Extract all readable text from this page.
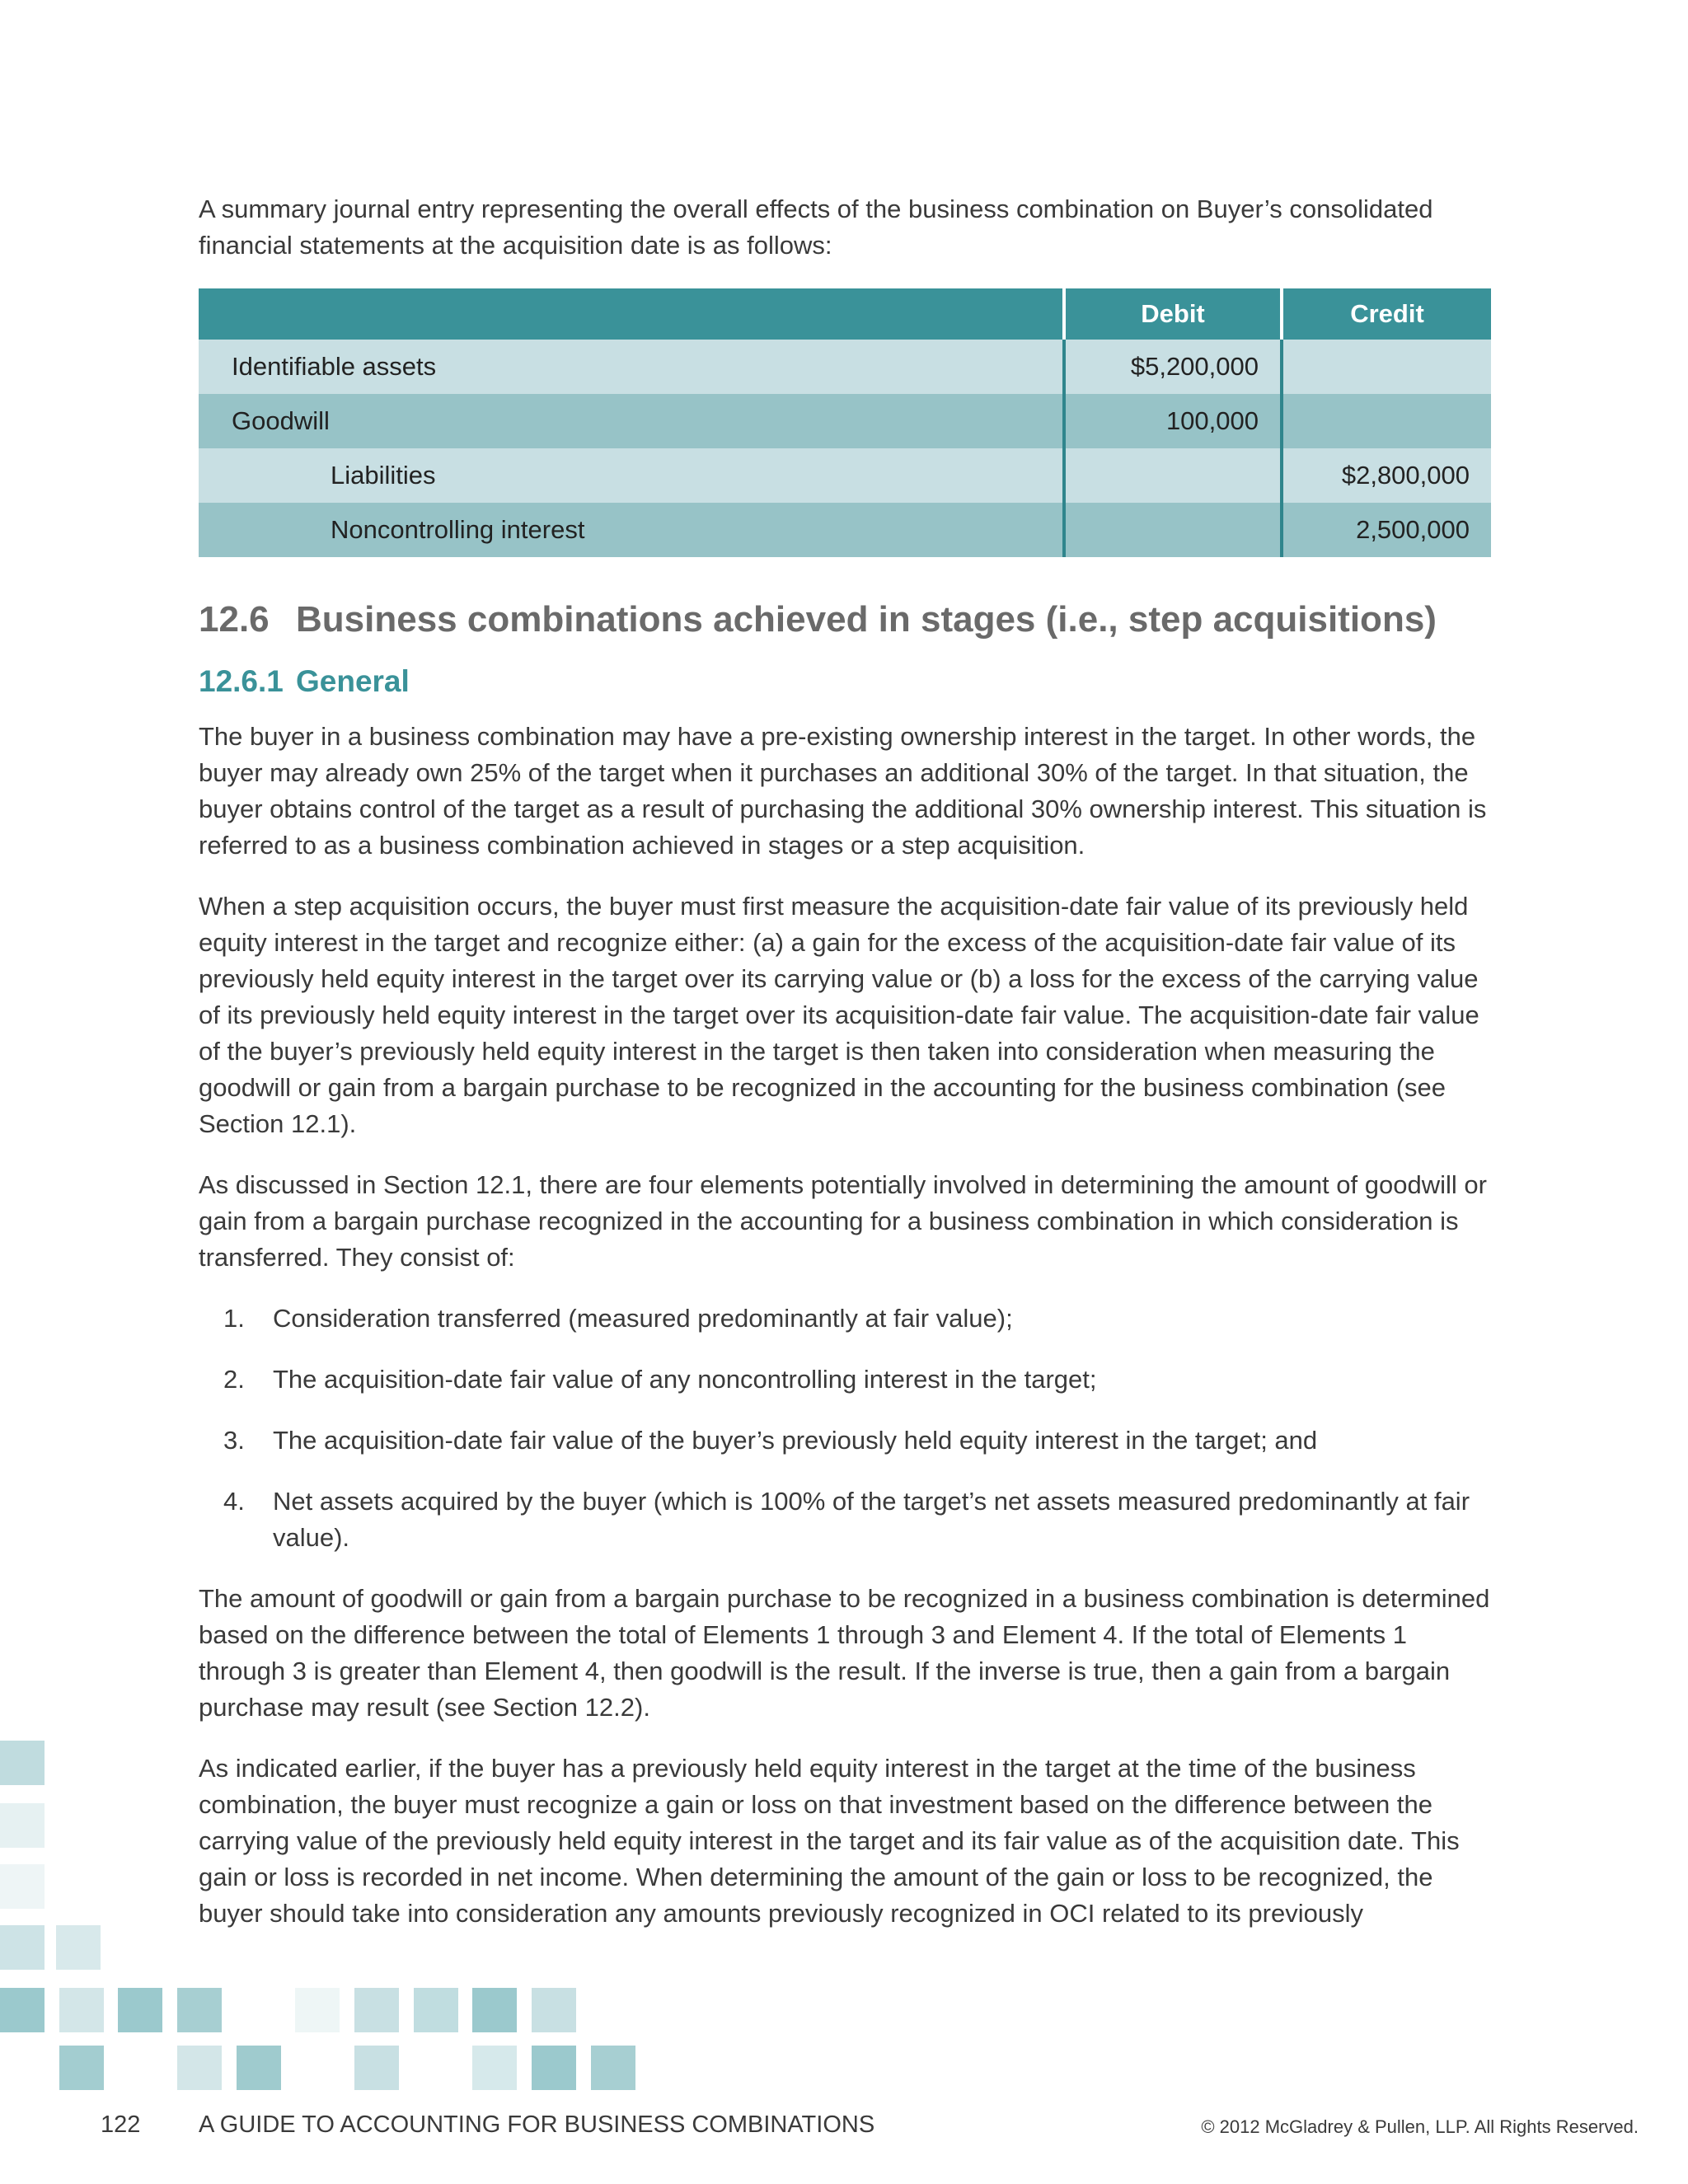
A summary journal entry representing the overall effects of the business combination on Buyer’s consolidated financial statements at the acquisition date is as follows:

	Debit	Credit
Identifiable assets	$5,200,000	
Goodwill	100,000	
Liabilities		$2,800,000
Noncontrolling interest		2,500,000
12.6 Business combinations achieved in stages (i.e., step acquisitions)
12.6.1 General

The buyer in a business combination may have a pre-existing ownership interest in the target. In other words, the buyer may already own 25% of the target when it purchases an additional 30% of the target. In that situation, the buyer obtains control of the target as a result of purchasing the additional 30% ownership interest. This situation is referred to as a business combination achieved in stages or a step acquisition.

When a step acquisition occurs, the buyer must first measure the acquisition-date fair value of its previously held equity interest in the target and recognize either: (a) a gain for the excess of the acquisition-date fair value of its previously held equity interest in the target over its carrying value or (b) a loss for the excess of the carrying value of its previously held equity interest in the target over its acquisition-date fair value. The acquisition-date fair value of the buyer’s previously held equity interest in the target is then taken into consideration when measuring the goodwill or gain from a bargain purchase to be recognized in the accounting for the business combination (see Section 12.1).

As discussed in Section 12.1, there are four elements potentially involved in determining the amount of goodwill or gain from a bargain purchase recognized in the accounting for a business combination in which consideration is transferred. They consist of:

1. Consideration transferred (measured predominantly at fair value);
2. The acquisition-date fair value of any noncontrolling interest in the target;
3. The acquisition-date fair value of the buyer’s previously held equity interest in the target; and
4. Net assets acquired by the buyer (which is 100% of the target’s net assets measured predominantly at fair value).

The amount of goodwill or gain from a bargain purchase to be recognized in a business combination is determined based on the difference between the total of Elements 1 through 3 and Element 4. If the total of Elements 1 through 3 is greater than Element 4, then goodwill is the result. If the inverse is true, then a gain from a bargain purchase may result (see Section 12.2).

As indicated earlier, if the buyer has a previously held equity interest in the target at the time of the business combination, the buyer must recognize a gain or loss on that investment based on the difference between the carrying value of the previously held equity interest in the target and its fair value as of the acquisition date. This gain or loss is recorded in net income. When determining the amount of the gain or loss to be recognized, the buyer should take into consideration any amounts previously recognized in OCI related to its previously

122 A GUIDE TO ACCOUNTING FOR BUSINESS COMBINATIONS	© 2012 McGladrey & Pullen, LLP. All Rights Reserved.
